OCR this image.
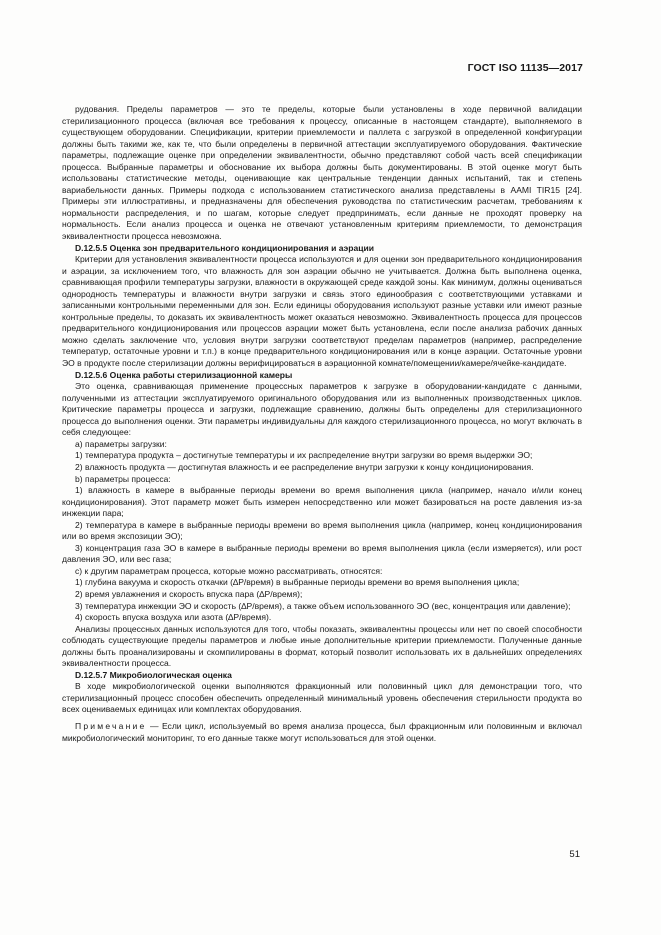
ГОСТ ISO 11135—2017

рудования. Пределы параметров — это те пределы, которые были установлены в ходе первичной валидации стерилизационного процесса (включая все требования к процессу, описанные в настоящем стандарте), выполняемого в существующем оборудовании. Спецификации, критерии приемлемости и паллета с загрузкой в определенной конфигурации должны быть такими же, как те, что были определены в первичной аттестации эксплуатируемого оборудования. Фактические параметры, подлежащие оценке при определении эквивалентности, обычно представляют собой часть всей спецификации процесса. Выбранные параметры и обоснование их выбора должны быть документированы. В этой оценке могут быть использованы статистические методы, оценивающие как центральные тенденции данных испытаний, так и степень вариабельности данных. Примеры подхода с использованием статистического анализа представлены в AAMI TIR15 [24]. Примеры эти иллюстративны, и предназначены для обеспечения руководства по статистическим расчетам, требованиям к нормальности распределения, и по шагам, которые следует предпринимать, если данные не проходят проверку на нормальность. Если анализ процесса и оценка не отвечают установленным критериям приемлемости, то демонстрация эквивалентности процесса невозможна.

D.12.5.5 Оценка зон предварительного кондиционирования и аэрации

Критерии для установления эквивалентности процесса используются и для оценки зон предварительного кондиционирования и аэрации, за исключением того, что влажность для зон аэрации обычно не учитывается. Должна быть выполнена оценка, сравнивающая профили температуры загрузки, влажности в окружающей среде каждой зоны. Как минимум, должны оцениваться однородность температуры и влажности внутри загрузки и связь этого единообразия с соответствующими уставками и записанными контрольными переменными для зон. Если единицы оборудования используют разные уставки или имеют разные контрольные пределы, то доказать их эквивалентность может оказаться невозможно. Эквивалентность процесса для процессов предварительного кондиционирования или процессов аэрации может быть установлена, если после анализа рабочих данных можно сделать заключение что, условия внутри загрузки соответствуют пределам параметров (например, распределение температур, остаточные уровни и т.п.) в конце предварительного кондиционирования или в конце аэрации. Остаточные уровни ЭО в продукте после стерилизации должны верифицироваться в аэрационной комнате/помещении/камере/ячейке-кандидате.

D.12.5.6 Оценка работы стерилизационной камеры

Это оценка, сравнивающая применение процессных параметров к загрузке в оборудовании-кандидате с данными, полученными из аттестации эксплуатируемого оригинального оборудования или из выполненных производственных циклов. Критические параметры процесса и загрузки, подлежащие сравнению, должны быть определены для стерилизационного процесса до выполнения оценки. Эти параметры индивидуальны для каждого стерилизационного процесса, но могут включать в себя следующее:

a) параметры загрузки:

1) температура продукта – достигнутые температуры и их распределение внутри загрузки во время выдержки ЭО;

2) влажность продукта — достигнутая влажность и ее распределение внутри загрузки к концу кондиционирования.

b) параметры процесса:

1) влажность в камере в выбранные периоды времени во время выполнения цикла (например, начало и/или конец кондиционирования). Этот параметр может быть измерен непосредственно или может базироваться на росте давления из-за инжекции пара;

2) температура в камере в выбранные периоды времени во время выполнения цикла (например, конец кондиционирования или во время экспозиции ЭО);

3) концентрация газа ЭО в камере в выбранные периоды времени во время выполнения цикла (если измеряется), или рост давления ЭО, или вес газа;

c) к другим параметрам процесса, которые можно рассматривать, относятся:

1) глубина вакуума и скорость откачки (∆P/время) в выбранные периоды времени во время выполнения цикла;

2) время увлажнения и скорость впуска пара (∆P/время);

3) температура инжекции ЭО и скорость (∆P/время), а также объем использованного ЭО (вес, концентрация или давление);

4) скорость впуска воздуха или азота (∆P/время).

Анализы процессных данных используются для того, чтобы показать, эквивалентны процессы или нет по своей способности соблюдать существующие пределы параметров и любые иные дополнительные критерии приемлемости. Полученные данные должны быть проанализированы и скомпилированы в формат, который позволит использовать их в дальнейших определениях эквивалентности процесса.

D.12.5.7 Микробиологическая оценка

В ходе микробиологической оценки выполняются фракционный или половинный цикл для демонстрации того, что стерилизационный процесс способен обеспечить определенный минимальный уровень обеспечения стерильности продукта во всех оцениваемых единицах или комплектах оборудования.

Примечание — Если цикл, используемый во время анализа процесса, был фракционным или половинным и включал микробиологический мониторинг, то его данные также могут использоваться для этой оценки.

51
